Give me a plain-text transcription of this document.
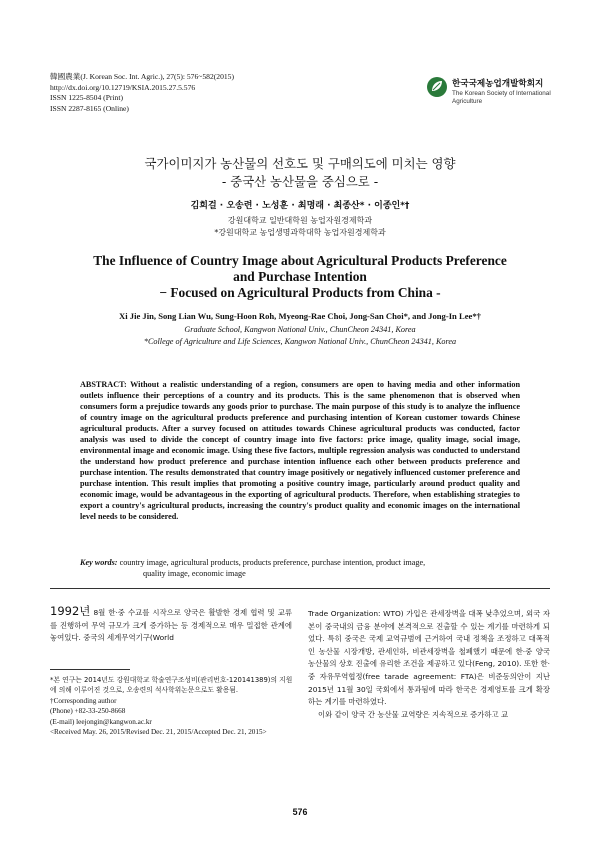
韓國農業(J. Korean Soc. Int. Agric.), 27(5): 576~582(2015)
http://dx.doi.org/10.12719/KSIA.2015.27.5.576
ISSN 1225-8504 (Print)
ISSN 2287-8165 (Online)
한국국제농업개발학회지
The Korean Society of International Agriculture
국가이미지가 농산물의 선호도 및 구매의도에 미치는 영향
- 중국산 농산물을 중심으로 -
김희걸 · 오송련 · 노성훈 · 최명래 · 최종산* · 이종인*†
강원대학교 일반대학원 농업자원경제학과
*강원대학교 농업생명과학대학 농업자원경제학과
The Influence of Country Image about Agricultural Products Preference
and Purchase Intention
− Focused on Agricultural Products from China -
Xi Jie Jin, Song Lian Wu, Sung-Hoon Roh, Myeong-Rae Choi, Jong-San Choi*, and Jong-In Lee*†
Graduate School, Kangwon National Univ., ChunCheon 24341, Korea
*College of Agriculture and Life Sciences, Kangwon National Univ., ChunCheon 24341, Korea
ABSTRACT: Without a realistic understanding of a region, consumers are open to having media and other information outlets influence their perceptions of a country and its products. This is the same phenomenon that is observed when consumers form a prejudice towards any goods prior to purchase. The main purpose of this study is to analyze the influence of country image on the agricultural products preference and purchasing intention of Korean customer towards Chinese agricultural products. After a survey focused on attitudes towards Chinese agricultural products was conducted, factor analysis was used to divide the concept of country image into five factors: price image, quality image, social image, environmental image and economic image. Using these five factors, multiple regression analysis was conducted to understand the understand how product preference and purchase intention influence each other between products preference and purchase intention. The results demonstrated that country image positively or negatively influenced customer preference and purchase intention. This result implies that promoting a positive country image, particularly around product quality and economic image, would be advantageous in the exporting of agricultural products. Therefore, when establishing strategies to export a country's agricultural products, increasing the country's product quality and economic images on the international level needs to be considered.
Key words: country image, agricultural products, products preference, purchase intention, product image,
quality image, economic image

1992년 8월 한·중 수교를 시작으로 양국은 활발한 경제 협력 및 교류를 진행하여 무역 규모가 크게 증가하는 등 경제적으로 매우 밀접한 관계에 놓여있다. 중국의 세계무역기구(World

Trade Organization: WTO) 가입은 관세장벽을 대폭 낮추었으며, 외국 자본이 중국내의 금융 분야에 본격적으로 진출할 수 있는 계기를 마련하게 되었다. 특히 중국은 국제 교역규범에 근거하여 국내 정책을 조정하고 대폭적인 농산물 시장개방, 관세인하, 비관세장벽을 철폐했기 때문에 한·중 양국 농산물의 상호 진출에 유리한 조건을 제공하고 있다(Feng, 2010). 또한 한·중 자유무역협정(free tarade agreement: FTA)은 비준동의안이 지난 2015년 11월 30일 국회에서 통과됨에 따라 한국은 경제영토를 크게 확장하는 계기를 마련하였다.

이와 같이 양국 간 농산물 교역량은 지속적으로 증가하고 교

*본 연구는 2014년도 강원대학교 학술연구조성비(관리번호-120141389)의 지원에 의해 이루어진 것으로, 오송련의 석사학위논문으로도 활용됨.
†Corresponding author
(Phone) +82-33-250-8668
(E-mail) leejongin@kangwon.ac.kr
<Received May. 26, 2015/Revised Dec. 21, 2015/Accepted Dec. 21, 2015>
576
